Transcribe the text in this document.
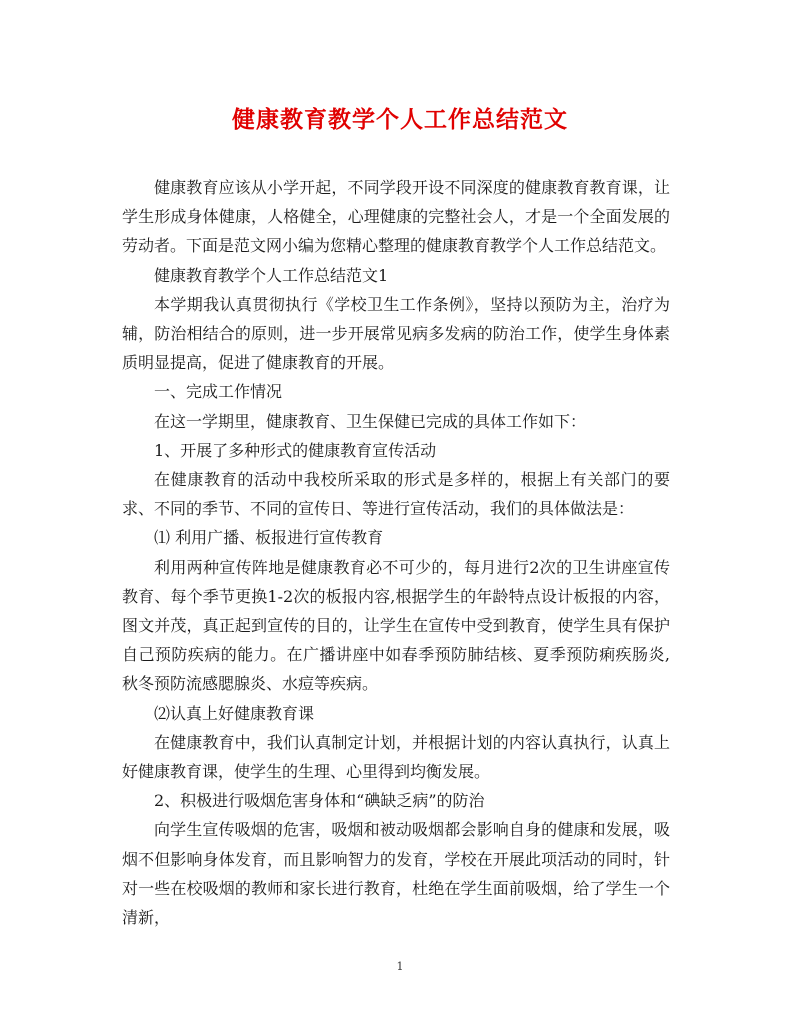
健康教育教学个人工作总结范文

健康教育应该从小学开起，不同学段开设不同深度的健康教育教育课，让学生形成身体健康，人格健全，心理健康的完整社会人，才是一个全面发展的劳动者。下面是范文网小编为您精心整理的健康教育教学个人工作总结范文。

健康教育教学个人工作总结范文1

本学期我认真贯彻执行《学校卫生工作条例》，坚持以预防为主，治疗为辅，防治相结合的原则，进一步开展常见病多发病的防治工作，使学生身体素质明显提高，促进了健康教育的开展。

一、完成工作情况

在这一学期里，健康教育、卫生保健已完成的具体工作如下：

1、开展了多种形式的健康教育宣传活动

在健康教育的活动中我校所采取的形式是多样的，根据上有关部门的要求、不同的季节、不同的宣传日、等进行宣传活动，我们的具体做法是：

⑴ 利用广播、板报进行宣传教育

利用两种宣传阵地是健康教育必不可少的，每月进行2次的卫生讲座宣传教育、每个季节更换1-2次的板报内容,根据学生的年龄特点设计板报的内容，图文并茂，真正起到宣传的目的，让学生在宣传中受到教育，使学生具有保护自己预防疾病的能力。在广播讲座中如春季预防肺结核、夏季预防痢疾肠炎,秋冬预防流感腮腺炎、水痘等疾病。

⑵认真上好健康教育课

在健康教育中，我们认真制定计划，并根据计划的内容认真执行，认真上好健康教育课，使学生的生理、心里得到均衡发展。

2、积极进行吸烟危害身体和“碘缺乏病”的防治

向学生宣传吸烟的危害，吸烟和被动吸烟都会影响自身的健康和发展，吸烟不但影响身体发育，而且影响智力的发育，学校在开展此项活动的同时，针对一些在校吸烟的教师和家长进行教育，杜绝在学生面前吸烟，给了学生一个清新，

1
